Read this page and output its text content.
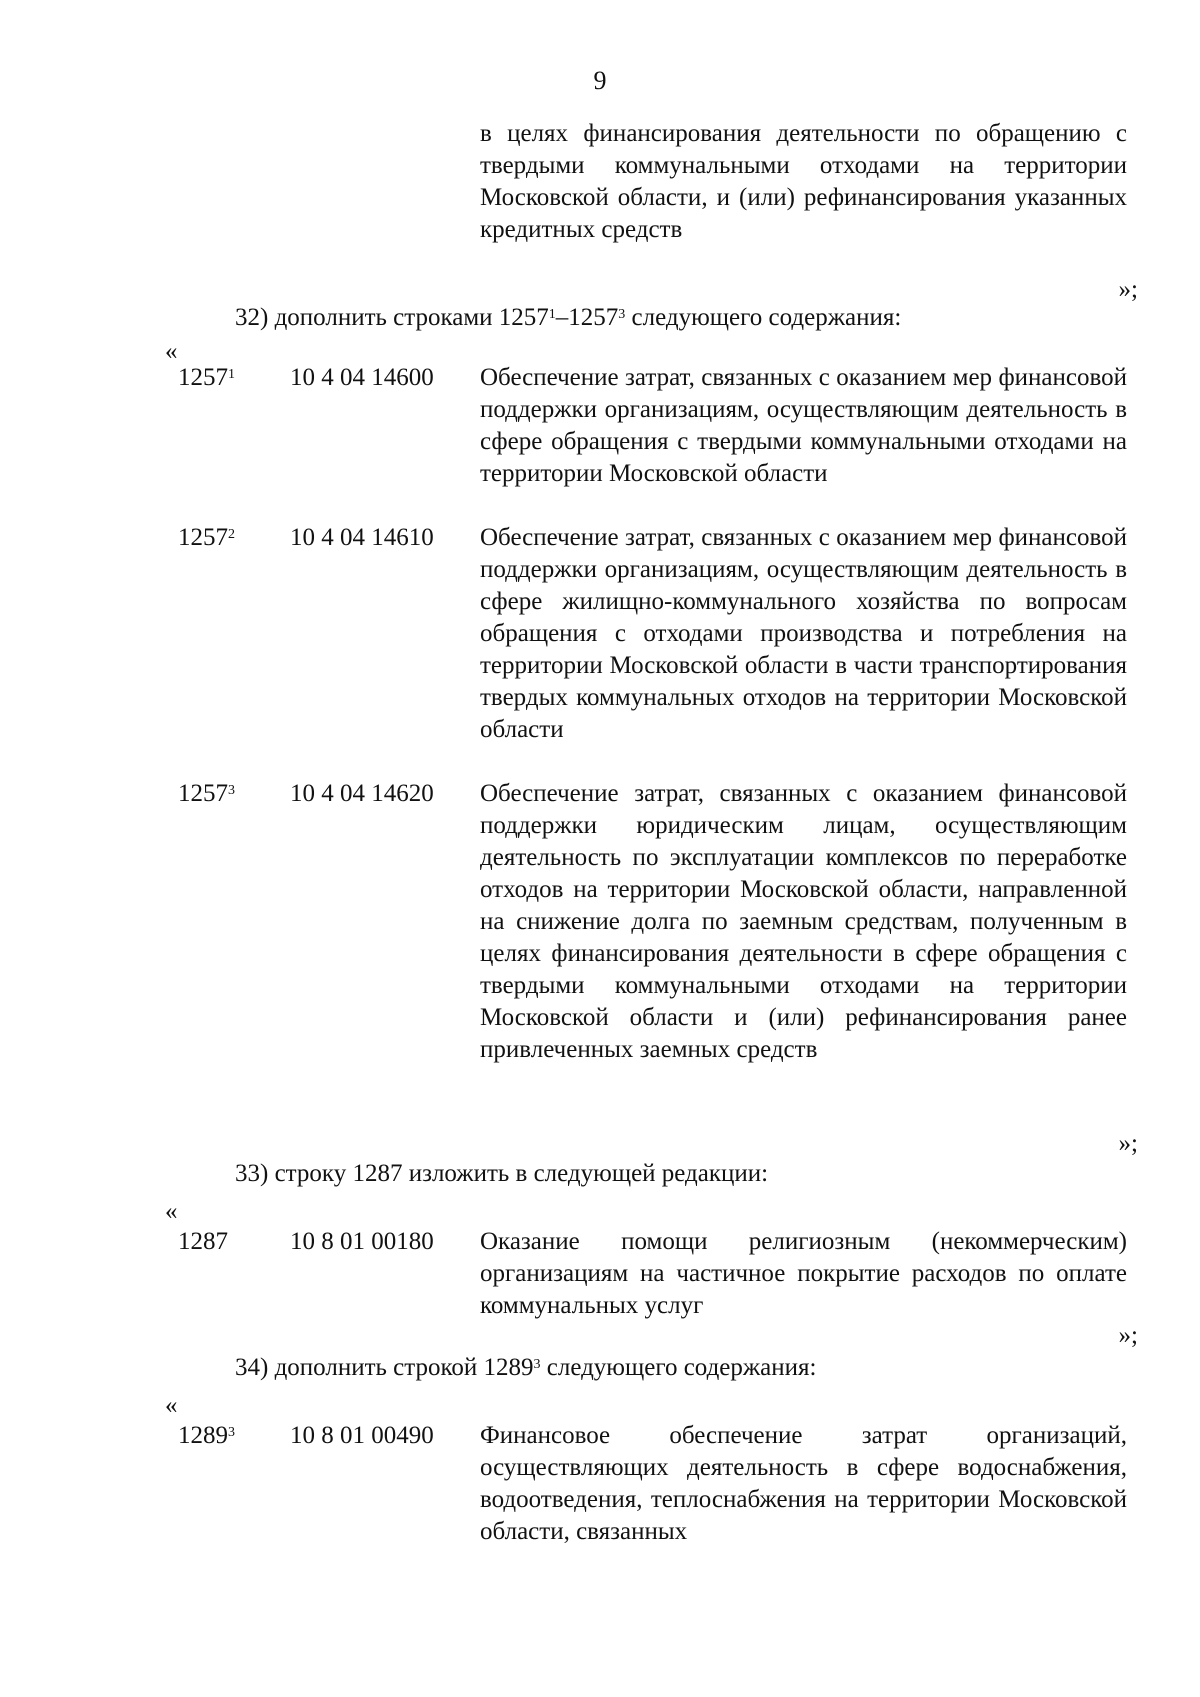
9
в целях финансирования деятельности по обращению с твердыми коммунальными отходами на территории Московской области, и (или) рефинансирования указанных кредитных средств
»;
32) дополнить строками 1257$^1$–1257$^3$ следующего содержания:
«
1257$^1$ 10 4 04 14600 Обеспечение затрат, связанных с оказанием мер финансовой поддержки организациям, осуществляющим деятельность в сфере обращения с твердыми коммунальными отходами на территории Московской области
1257$^2$ 10 4 04 14610 Обеспечение затрат, связанных с оказанием мер финансовой поддержки организациям, осуществляющим деятельность в сфере жилищно-коммунального хозяйства по вопросам обращения с отходами производства и потребления на территории Московской области в части транспортирования твердых коммунальных отходов на территории Московской области
1257$^3$ 10 4 04 14620 Обеспечение затрат, связанных с оказанием финансовой поддержки юридическим лицам, осуществляющим деятельность по эксплуатации комплексов по переработке отходов на территории Московской области, направленной на снижение долга по заемным средствам, полученным в целях финансирования деятельности в сфере обращения с твердыми коммунальными отходами на территории Московской области и (или) рефинансирования ранее привлеченных заемных средств
»;
33) строку 1287 изложить в следующей редакции:
«
1287 10 8 01 00180 Оказание помощи религиозным (некоммерческим) организациям на частичное покрытие расходов по оплате коммунальных услуг
»;
34) дополнить строкой 1289$^3$ следующего содержания:
«
1289$^3$ 10 8 01 00490 Финансовое обеспечение затрат организаций, осуществляющих деятельность в сфере водоснабжения, водоотведения, теплоснабжения на территории Московской области, связанных
